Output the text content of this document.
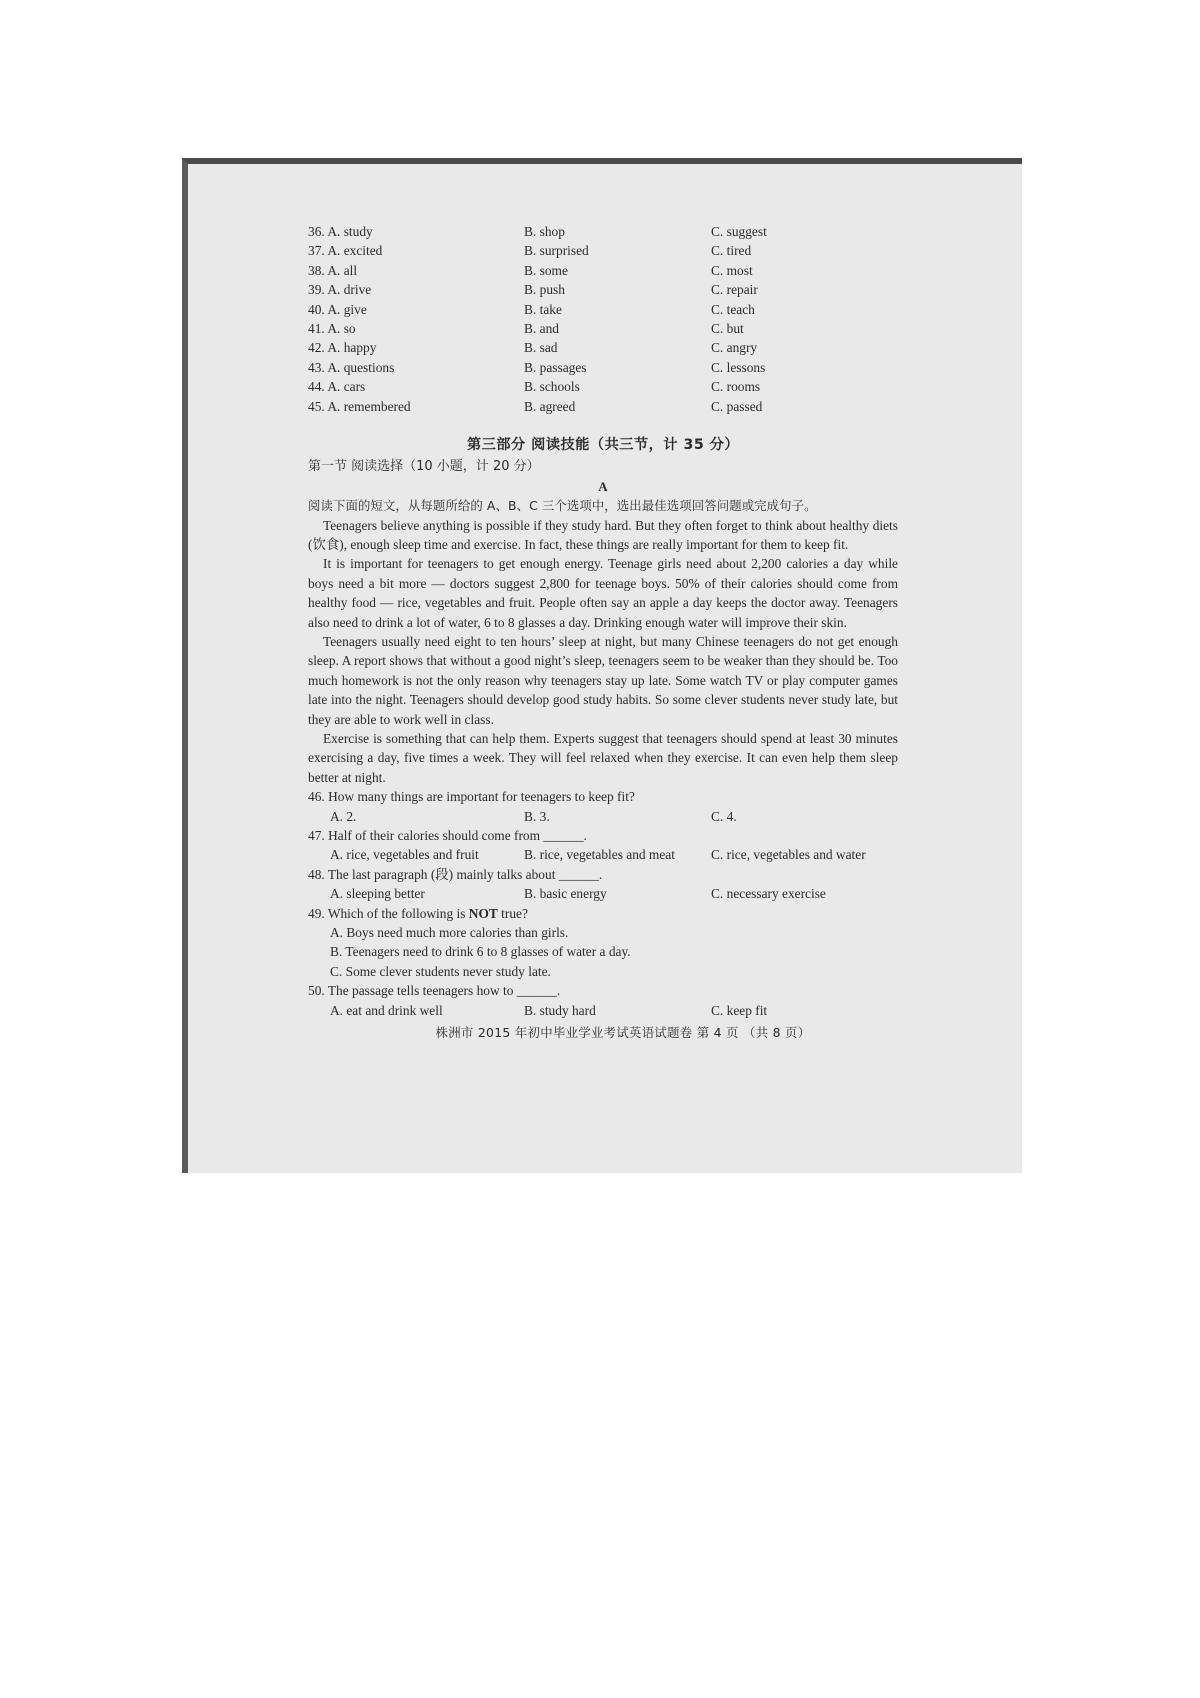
36. A. study	B. shop	C. suggest
37. A. excited	B. surprised	C. tired
38. A. all	B. some	C. most
39. A. drive	B. push	C. repair
40. A. give	B. take	C. teach
41. A. so	B. and	C. but
42. A. happy	B. sad	C. angry
43. A. questions	B. passages	C. lessons
44. A. cars	B. schools	C. rooms
45. A. remembered	B. agreed	C. passed
第三部分 阅读技能（共三节，计 35 分）
第一节 阅读选择（10 小题，计 20 分）
A
阅读下面的短文，从每题所给的 A、B、C 三个选项中，选出最佳选项回答问题或完成句子。
Teenagers believe anything is possible if they study hard. But they often forget to think about healthy diets (饮食), enough sleep time and exercise. In fact, these things are really important for them to keep fit.
It is important for teenagers to get enough energy. Teenage girls need about 2,200 calories a day while boys need a bit more — doctors suggest 2,800 for teenage boys. 50% of their calories should come from healthy food — rice, vegetables and fruit. People often say an apple a day keeps the doctor away. Teenagers also need to drink a lot of water, 6 to 8 glasses a day. Drinking enough water will improve their skin.
Teenagers usually need eight to ten hours’ sleep at night, but many Chinese teenagers do not get enough sleep. A report shows that without a good night’s sleep, teenagers seem to be weaker than they should be. Too much homework is not the only reason why teenagers stay up late. Some watch TV or play computer games late into the night. Teenagers should develop good study habits. So some clever students never study late, but they are able to work well in class.
Exercise is something that can help them. Experts suggest that teenagers should spend at least 30 minutes exercising a day, five times a week. They will feel relaxed when they exercise. It can even help them sleep better at night.
46. How many things are important for teenagers to keep fit?
A. 2.	B. 3.	C. 4.
47. Half of their calories should come from ______.
A. rice, vegetables and fruit	B. rice, vegetables and meat	C. rice, vegetables and water
48. The last paragraph (段) mainly talks about ______.
A. sleeping better	B. basic energy	C. necessary exercise
49. Which of the following is NOT true?
A. Boys need much more calories than girls.
B. Teenagers need to drink 6 to 8 glasses of water a day.
C. Some clever students never study late.
50. The passage tells teenagers how to ______.
A. eat and drink well	B. study hard	C. keep fit
株洲市 2015 年初中毕业学业考试英语试题卷 第 4 页 （共 8 页）
